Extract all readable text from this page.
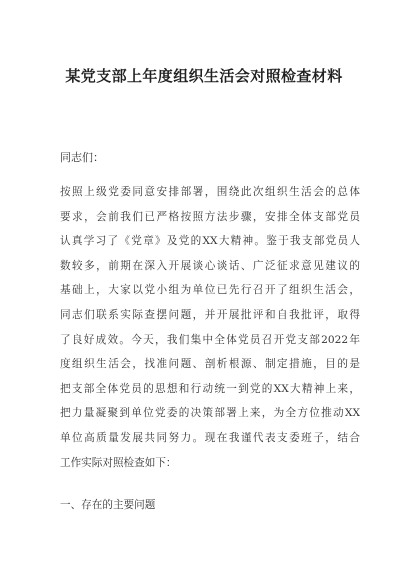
某党支部上年度组织生活会对照检查材料
同志们：
按照上级党委同意安排部署，围绕此次组织生活会的总体
要求，会前我们已严格按照方法步骤，安排全体支部党员
认真学习了《党章》及党的XX大精神。鉴于我支部党员人
数较多，前期在深入开展谈心谈话、广泛征求意见建议的
基础上，大家以党小组为单位已先行召开了组织生活会，
同志们联系实际查摆问题，并开展批评和自我批评，取得
了良好成效。今天，我们集中全体党员召开党支部2022年
度组织生活会，找准问题、剖析根源、制定措施，目的是
把支部全体党员的思想和行动统一到党的XX大精神上来，
把力量凝聚到单位党委的决策部署上来，为全方位推动XX
单位高质量发展共同努力。现在我谨代表支委班子，结合
工作实际对照检查如下：
一、存在的主要问题
